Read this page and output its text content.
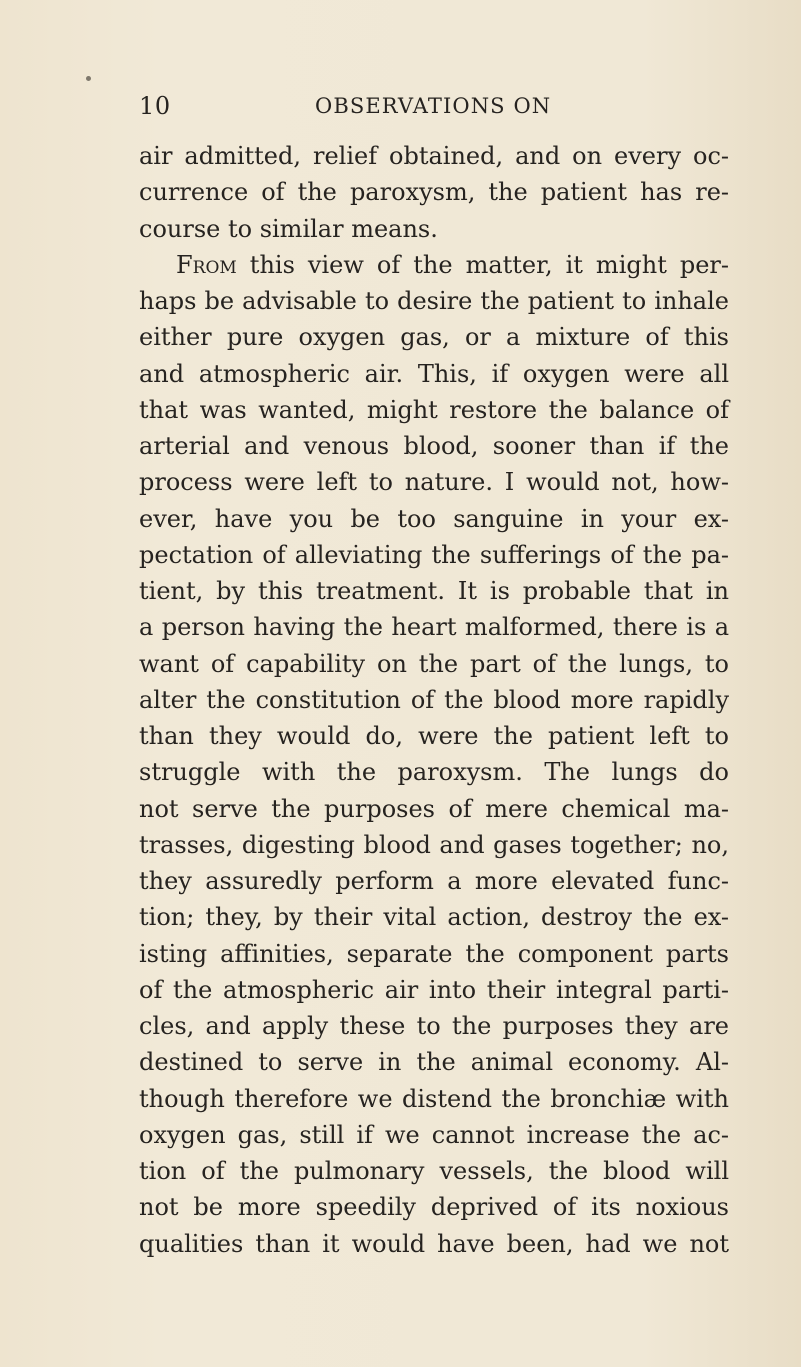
10	OBSERVATIONS ON
air admitted, relief obtained, and on every oc-
currence of the paroxysm, the patient has re-
course to similar means.
From this view of the matter, it might per-
haps be advisable to desire the patient to inhale
either pure oxygen gas, or a mixture of this
and atmospheric air. This, if oxygen were all
that was wanted, might restore the balance of
arterial and venous blood, sooner than if the
process were left to nature. I would not, how-
ever, have you be too sanguine in your ex-
pectation of alleviating the sufferings of the pa-
tient, by this treatment. It is probable that in
a person having the heart malformed, there is a
want of capability on the part of the lungs, to
alter the constitution of the blood more rapidly
than they would do, were the patient left to
struggle with the paroxysm. The lungs do
not serve the purposes of mere chemical ma-
trasses, digesting blood and gases together; no,
they assuredly perform a more elevated func-
tion; they, by their vital action, destroy the ex-
isting affinities, separate the component parts
of the atmospheric air into their integral parti-
cles, and apply these to the purposes they are
destined to serve in the animal economy. Al-
though therefore we distend the bronchiæ with
oxygen gas, still if we cannot increase the ac-
tion of the pulmonary vessels, the blood will
not be more speedily deprived of its noxious
qualities than it would have been, had we not
